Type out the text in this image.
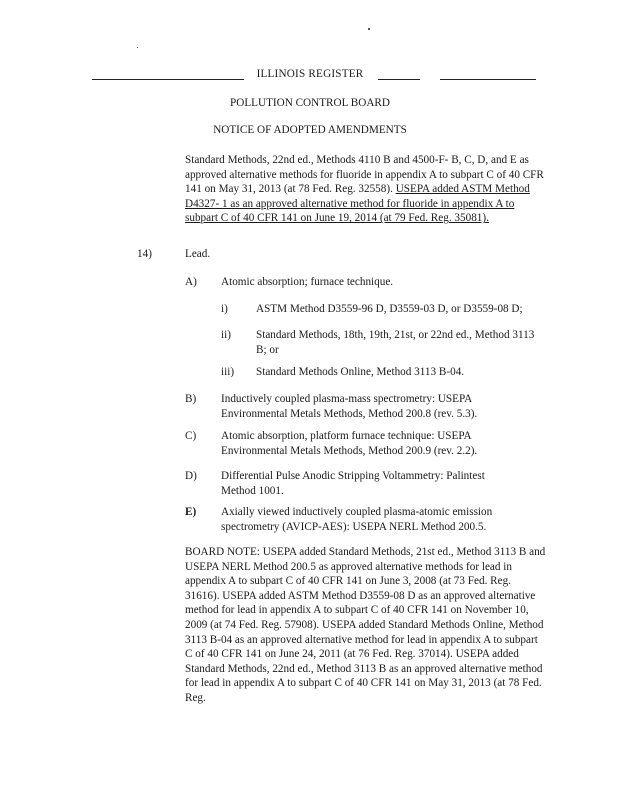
ILLINOIS REGISTER
POLLUTION CONTROL BOARD
NOTICE OF ADOPTED AMENDMENTS
Standard Methods, 22nd ed., Methods 4110 B and 4500-F- B, C, D, and E as approved alternative methods for fluoride in appendix A to subpart C of 40 CFR 141 on May 31, 2013 (at 78 Fed. Reg. 32558). USEPA added ASTM Method D4327- 1 as an approved alternative method for fluoride in appendix A to subpart C of 40 CFR 141 on June 19, 2014 (at 79 Fed. Reg. 35081).
14)	Lead.
A) Atomic absorption; furnace technique.
i)	ASTM Method D3559-96 D, D3559-03 D, or D3559-08 D;
ii) Standard Methods, 18th, 19th, 21st, or 22nd ed., Method 3113 B; or
iii) Standard Methods Online, Method 3113 B-04.
B) Inductively coupled plasma-mass spectrometry: USEPA Environmental Metals Methods, Method 200.8 (rev. 5.3).
C) Atomic absorption, platform furnace technique: USEPA Environmental Metals Methods, Method 200.9 (rev. 2.2).
D) Differential Pulse Anodic Stripping Voltammetry: Palintest Method 1001.
E) Axially viewed inductively coupled plasma-atomic emission spectrometry (AVICP-AES): USEPA NERL Method 200.5.
BOARD NOTE: USEPA added Standard Methods, 21st ed., Method 3113 B and USEPA NERL Method 200.5 as approved alternative methods for lead in appendix A to subpart C of 40 CFR 141 on June 3, 2008 (at 73 Fed. Reg. 31616). USEPA added ASTM Method D3559-08 D as an approved alternative method for lead in appendix A to subpart C of 40 CFR 141 on November 10, 2009 (at 74 Fed. Reg. 57908). USEPA added Standard Methods Online, Method 3113 B-04 as an approved alternative method for lead in appendix A to subpart C of 40 CFR 141 on June 24, 2011 (at 76 Fed. Reg. 37014). USEPA added Standard Methods, 22nd ed., Method 3113 B as an approved alternative method for lead in appendix A to subpart C of 40 CFR 141 on May 31, 2013 (at 78 Fed. Reg.
